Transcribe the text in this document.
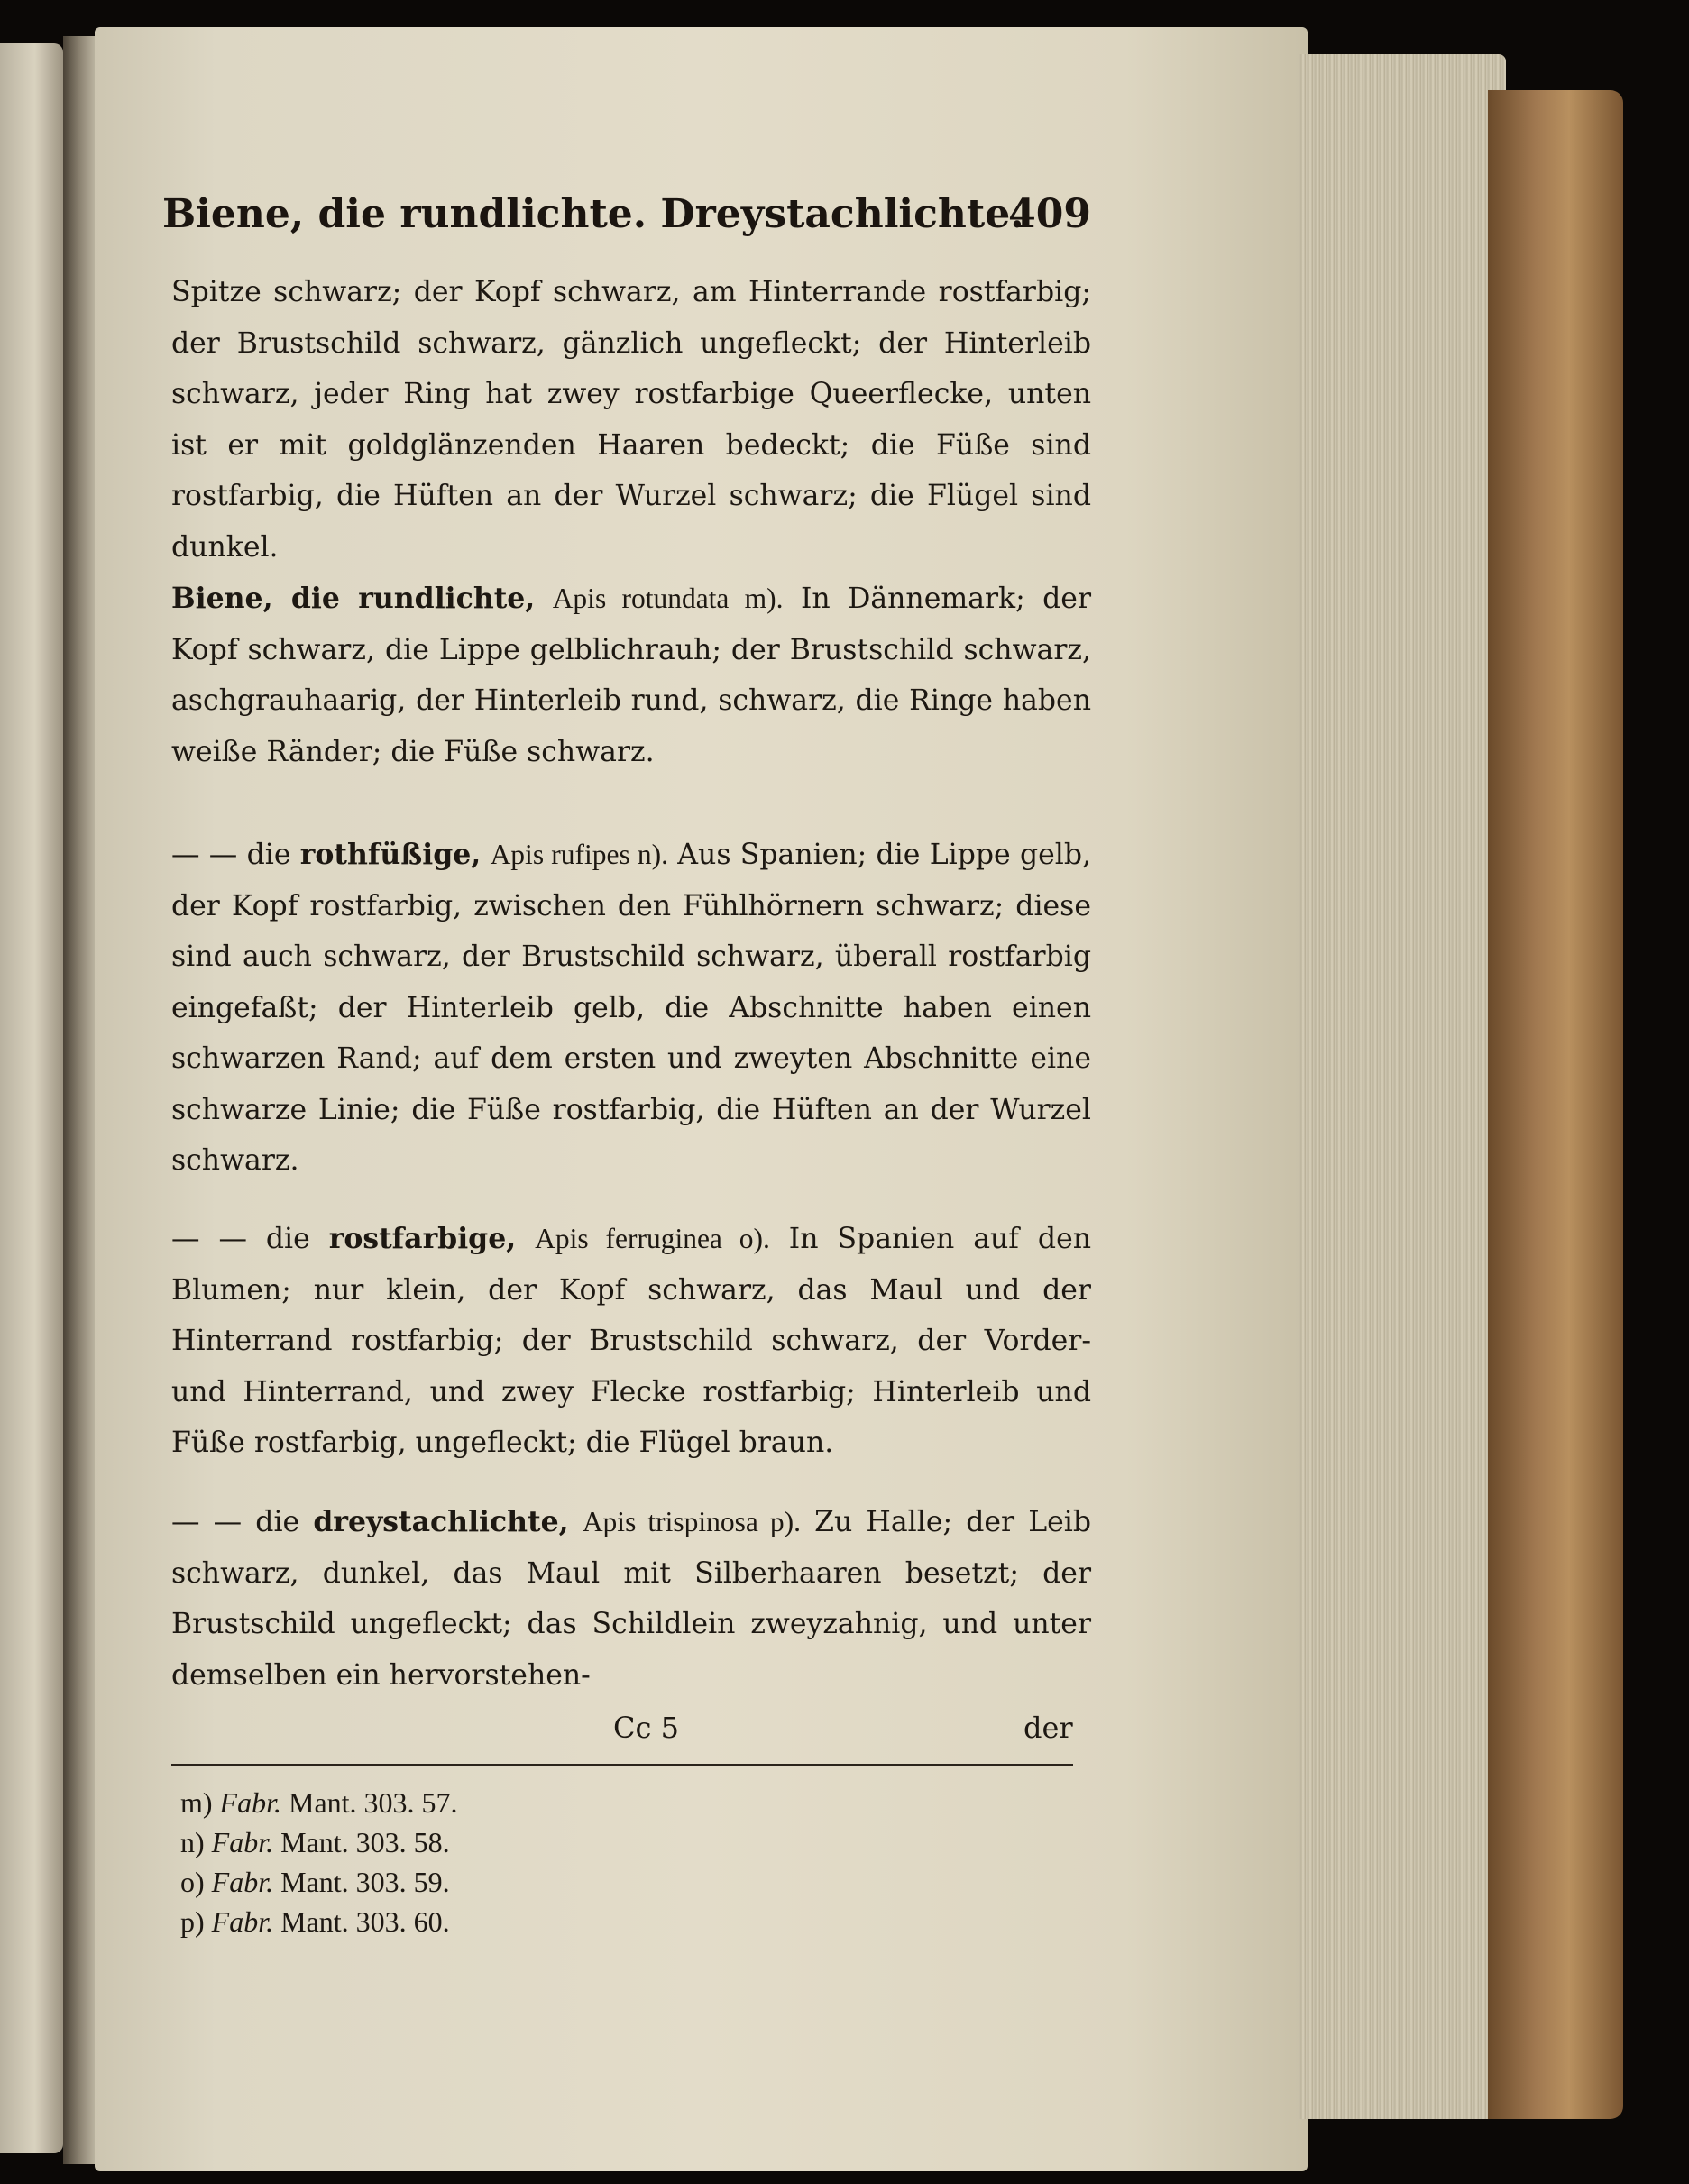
Biene, die rundlichte. Dreystachlichte.
409
Spitze schwarz; der Kopf schwarz, am Hinterrande rostfarbig; der Brustschild schwarz, gänzlich ungefleckt; der Hinterleib schwarz, jeder Ring hat zwey rostfarbige Queerflecke, unten ist er mit goldglänzenden Haaren bedeckt; die Füße sind rostfarbig, die Hüften an der Wurzel schwarz; die Flügel sind dunkel.
Biene, die rundlichte, Apis rotundata m). In Dännemark; der Kopf schwarz, die Lippe gelblichrauh; der Brustschild schwarz, aschgrauhaarig, der Hinterleib rund, schwarz, die Ringe haben weiße Ränder; die Füße schwarz.
— — die rothfüßige, Apis rufipes n). Aus Spanien; die Lippe gelb, der Kopf rostfarbig, zwischen den Fühlhörnern schwarz; diese sind auch schwarz, der Brustschild schwarz, überall rostfarbig eingefaßt; der Hinterleib gelb, die Abschnitte haben einen schwarzen Rand; auf dem ersten und zweyten Abschnitte eine schwarze Linie; die Füße rostfarbig, die Hüften an der Wurzel schwarz.
— — die rostfarbige, Apis ferruginea o). In Spanien auf den Blumen; nur klein, der Kopf schwarz, das Maul und der Hinterrand rostfarbig; der Brustschild schwarz, der Vorder- und Hinterrand, und zwey Flecke rostfarbig; Hinterleib und Füße rostfarbig, ungefleckt; die Flügel braun.
— — die dreystachlichte, Apis trispinosa p). Zu Halle; der Leib schwarz, dunkel, das Maul mit Silberhaaren besetzt; der Brustschild ungefleckt; das Schildlein zweyzahnig, und unter demselben ein hervorstehen-
Cc 5	der
m) Fabr. Mant. 303. 57.
n) Fabr. Mant. 303. 58.
o) Fabr. Mant. 303. 59.
p) Fabr. Mant. 303. 60.
